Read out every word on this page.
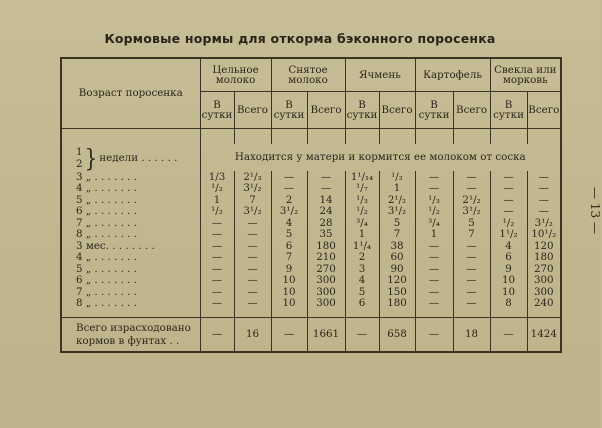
Кормовые нормы для откорма бэконного поросенка
— 13 —
Возраст поросенка	Цельное молоко		Снятое молоко		Ячмень		Картофель		Свекла или морковь	
	В сутки	Всего	В сутки	Всего	В сутки	Всего	В сутки	Всего	В сутки	Всего

1
2 } недели . . . . . .	Находится у матери и кормится ее молоком от соска									
3 „ . . . . . . .	1/3	2¹/₃	—	—	1¹/₁₄	¹/₂	—	—	—	—
4 „ . . . . . . .	¹/₂	3¹/₂	—	—	¹/₇	1	—	—	—	—
5 „ . . . . . . .	1	7	2	14	¹/₃	2¹/₂	¹/₃	2¹/₂	—	—
6 „ . . . . . . .	¹/₂	3¹/₂	3¹/₂	24	¹/₂	3¹/₂	¹/₂	3¹/₂	—	—
7 „ . . . . . . .	—	—	4	28	³/₄	5	³/₄	5	¹/₂	3¹/₂
8 „ . . . . . . .	—	—	5	35	1	7	1	7	1¹/₂	10¹/₂
3 мес. . . . . . . .	—	—	6	180	1¹/₄	38	—	—	4	120
4 „ . . . . . . .	—	—	7	210	2	60	—	—	6	180
5 „ . . . . . . .	—	—	9	270	3	90	—	—	9	270
6 „ . . . . . . .	—	—	10	300	4	120	—	—	10	300
7 „ . . . . . . .	—	—	10	300	5	150	—	—	10	300
8 „ . . . . . . .	—	—	10	300	6	180	—	—	8	240

Всего израсходовано кормов в фунтах . .	—	16	—	1661	—	658	—	18	—	1424
